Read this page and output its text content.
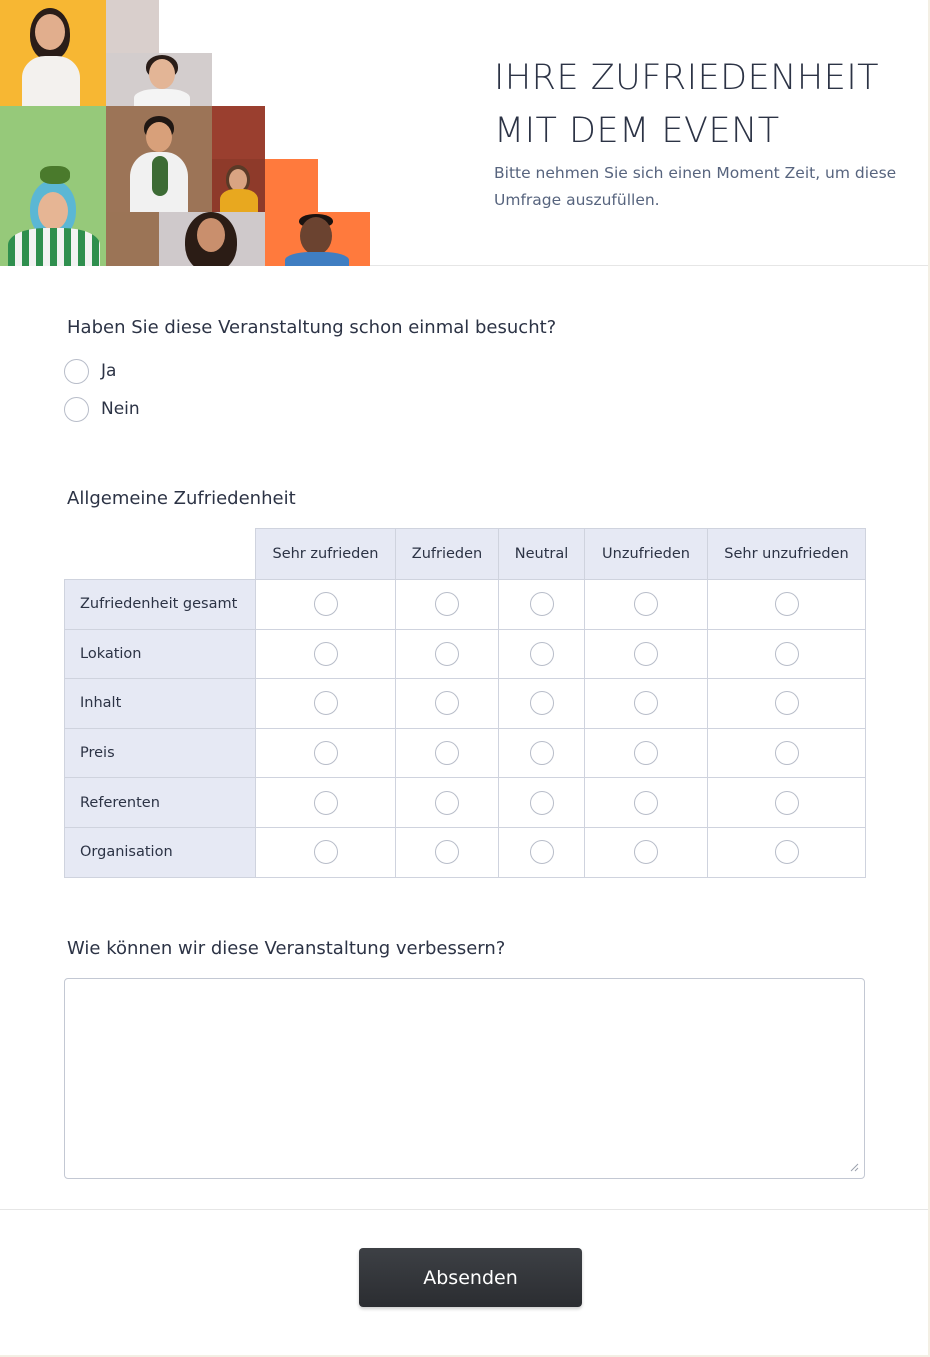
IHRE ZUFRIEDENHEIT
MIT DEM EVENT
Bitte nehmen Sie sich einen Moment Zeit, um diese Umfrage auszufüllen.
Haben Sie diese Veranstaltung schon einmal besucht?
Ja
Nein
Allgemeine Zufriedenheit
	Sehr zufrieden	Zufrieden	Neutral	Unzufrieden	Sehr unzufrieden
Zufriedenheit gesamt					
Lokation					
Inhalt					
Preis					
Referenten					
Organisation					
Wie können wir diese Veranstaltung verbessern?
Absenden
